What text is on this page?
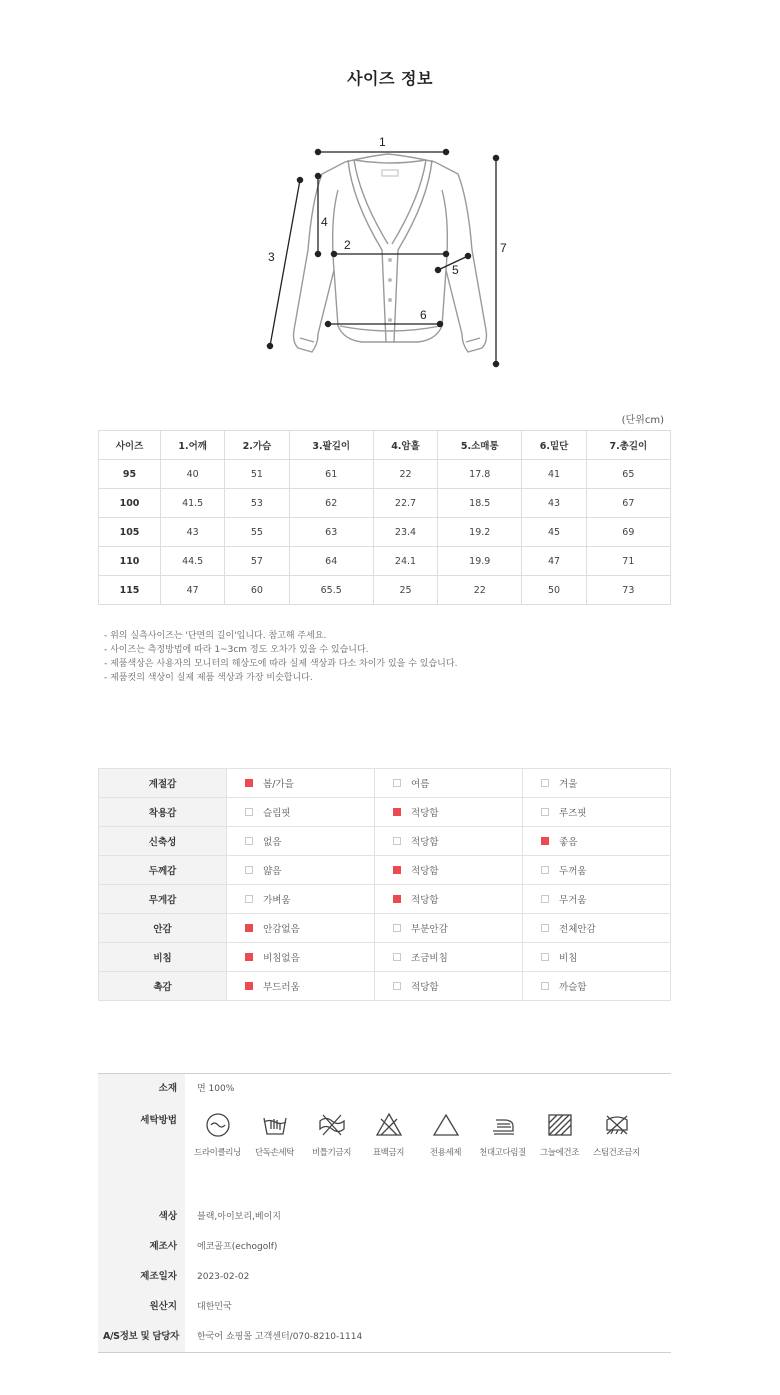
사이즈 정보
1
2
3
4
5
6
7
(단위cm)
사이즈	1.어깨	2.가슴	3.팔길이	4.암홀	5.소매통	6.밑단	7.총길이
95	40	51	61	22	17.8	41	65
100	41.5	53	62	22.7	18.5	43	67
105	43	55	63	23.4	19.2	45	69
110	44.5	57	64	24.1	19.9	47	71
115	47	60	65.5	25	22	50	73
- 위의 실측사이즈는 '단면의 길이'입니다. 참고해 주세요.
- 사이즈는 측정방법에 따라 1~3cm 정도 오차가 있을 수 있습니다.
- 제품색상은 사용자의 모니터의 해상도에 따라 실제 색상과 다소 차이가 있을 수 있습니다.
- 제품컷의 색상이 실제 제품 색상과 가장 비슷합니다.
계절감	봄/가을	여름	겨울
착용감	슬림핏	적당함	루즈핏
신축성	없음	적당함	좋음
두께감	얇음	적당함	두꺼움
무게감	가벼움	적당함	무거움
안감	안감없음	부분안감	전체안감
비침	비침없음	조금비침	비침
촉감	부드러움	적당함	까슬함
소재	면 100%
세탁방법
드라이클리닝	단독손세탁	비틀기금지	표백금지	전용세제	천대고다림질	그늘에건조	스팀건조금지
색상	블랙,아이보리,베이지
제조사	에코골프(echogolf)
제조일자	2023-02-02
원산지	대한민국
A/S정보 및 담당자	한국어 쇼핑몰 고객센터/070-8210-1114
